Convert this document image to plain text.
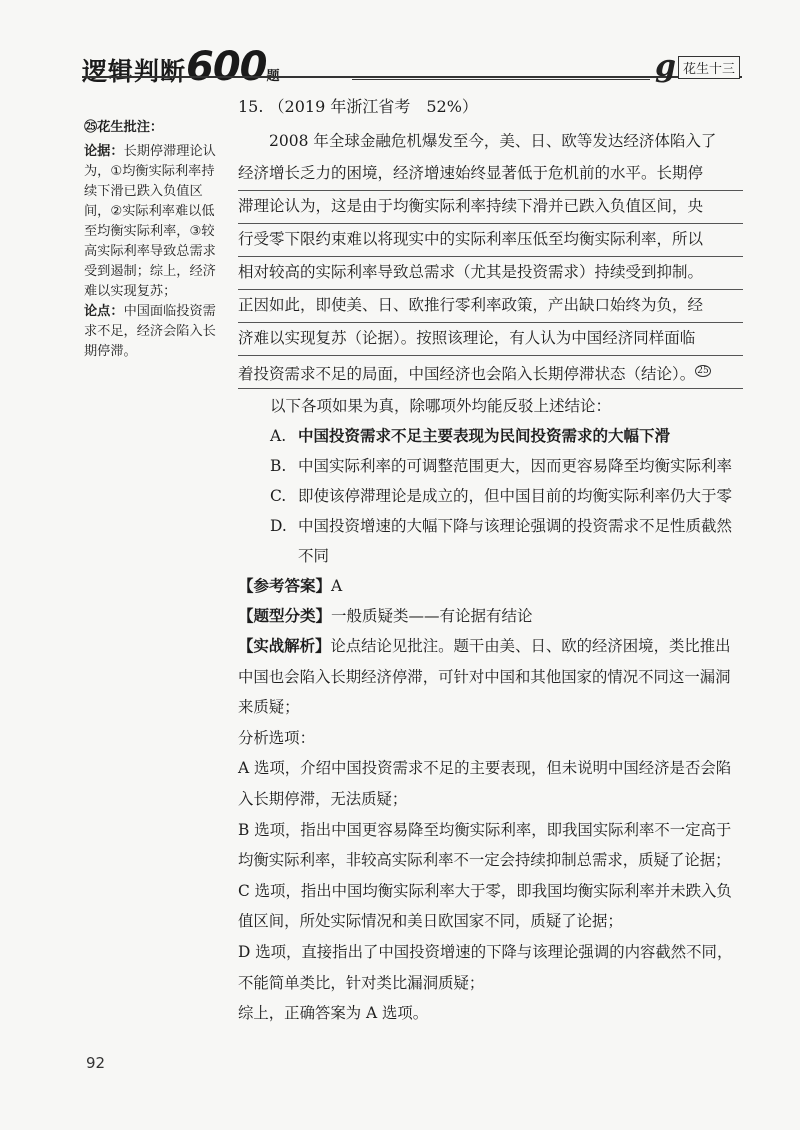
逻辑判断600题	g 花生十三
㉕花生批注：

论据：长期停滞理论认为，①均衡实际利率持续下滑已跌入负值区间，②实际利率难以低至均衡实际利率，③较高实际利率导致总需求受到遏制；综上，经济难以实现复苏；

论点：中国面临投资需求不足，经济会陷入长期停滞。

15. （2019 年浙江省考　52%）
2008 年全球金融危机爆发至今，美、日、欧等发达经济体陷入了
经济增长乏力的困境，经济增速始终显著低于危机前的水平。长期停
滞理论认为，这是由于均衡实际利率持续下滑并已跌入负值区间，央
行受零下限约束难以将现实中的实际利率压低至均衡实际利率，所以
相对较高的实际利率导致总需求（尤其是投资需求）持续受到抑制。
正因如此，即使美、日、欧推行零利率政策，产出缺口始终为负，经
济难以实现复苏（论据）。按照该理论，有人认为中国经济同样面临
着投资需求不足的局面，中国经济也会陷入长期停滞状态（结论）。 $^{25}$
以下各项如果为真，除哪项外均能反驳上述结论：
A. 中国投资需求不足主要表现为民间投资需求的大幅下滑
B. 中国实际利率的可调整范围更大，因而更容易降至均衡实际利率
C. 即使该停滞理论是成立的，但中国目前的均衡实际利率仍大于零
D. 中国投资增速的大幅下降与该理论强调的投资需求不足性质截然不同
【参考答案】A
【题型分类】一般质疑类——有论据有结论

【实战解析】论点结论见批注。题干由美、日、欧的经济困境，类比推出中国也会陷入长期经济停滞，可针对中国和其他国家的情况不同这一漏洞来质疑；

分析选项：

A 选项，介绍中国投资需求不足的主要表现，但未说明中国经济是否会陷入长期停滞，无法质疑；

B 选项，指出中国更容易降至均衡实际利率，即我国实际利率不一定高于均衡实际利率，非较高实际利率不一定会持续抑制总需求，质疑了论据；

C 选项，指出中国均衡实际利率大于零，即我国均衡实际利率并未跌入负值区间，所处实际情况和美日欧国家不同，质疑了论据；

D 选项，直接指出了中国投资增速的下降与该理论强调的内容截然不同，不能简单类比，针对类比漏洞质疑；

综上，正确答案为 A 选项。

92
